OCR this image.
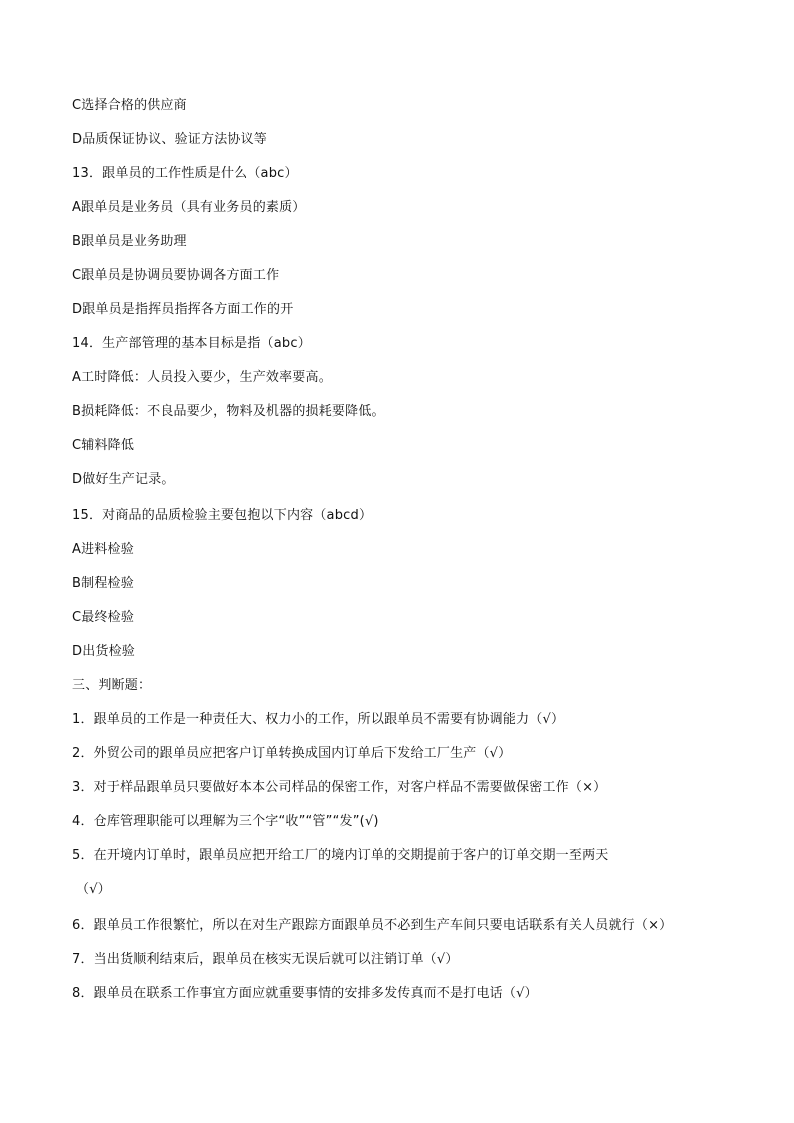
C选择合格的供应商
D品质保证协议、验证方法协议等
13．跟单员的工作性质是什么（abc）
A跟单员是业务员（具有业务员的素质）
B跟单员是业务助理
C跟单员是协调员要协调各方面工作
D跟单员是指挥员指挥各方面工作的开
14．生产部管理的基本目标是指（abc）
A工时降低：人员投入要少，生产效率要高。
B损耗降低：不良品要少，物料及机器的损耗要降低。
C辅料降低
D做好生产记录。
15．对商品的品质检验主要包抱以下内容（abcd）
A进料检验
B制程检验
C最终检验
D出货检验
三、判断题：
1．跟单员的工作是一种责任大、权力小的工作，所以跟单员不需要有协调能力（√）
2．外贸公司的跟单员应把客户订单转换成国内订单后下发给工厂生产（√）
3．对于样品跟单员只要做好本本公司样品的保密工作，对客户样品不需要做保密工作（×）
4．仓库管理职能可以理解为三个字“收”“管”“发”(√)
5．在开境内订单时，跟单员应把开给工厂的境内订单的交期提前于客户的订单交期一至两天
（√）
6．跟单员工作很繁忙，所以在对生产跟踪方面跟单员不必到生产车间只要电话联系有关人员就行（×）
7．当出货顺利结束后，跟单员在核实无误后就可以注销订单（√）
8．跟单员在联系工作事宜方面应就重要事情的安排多发传真而不是打电话（√）
